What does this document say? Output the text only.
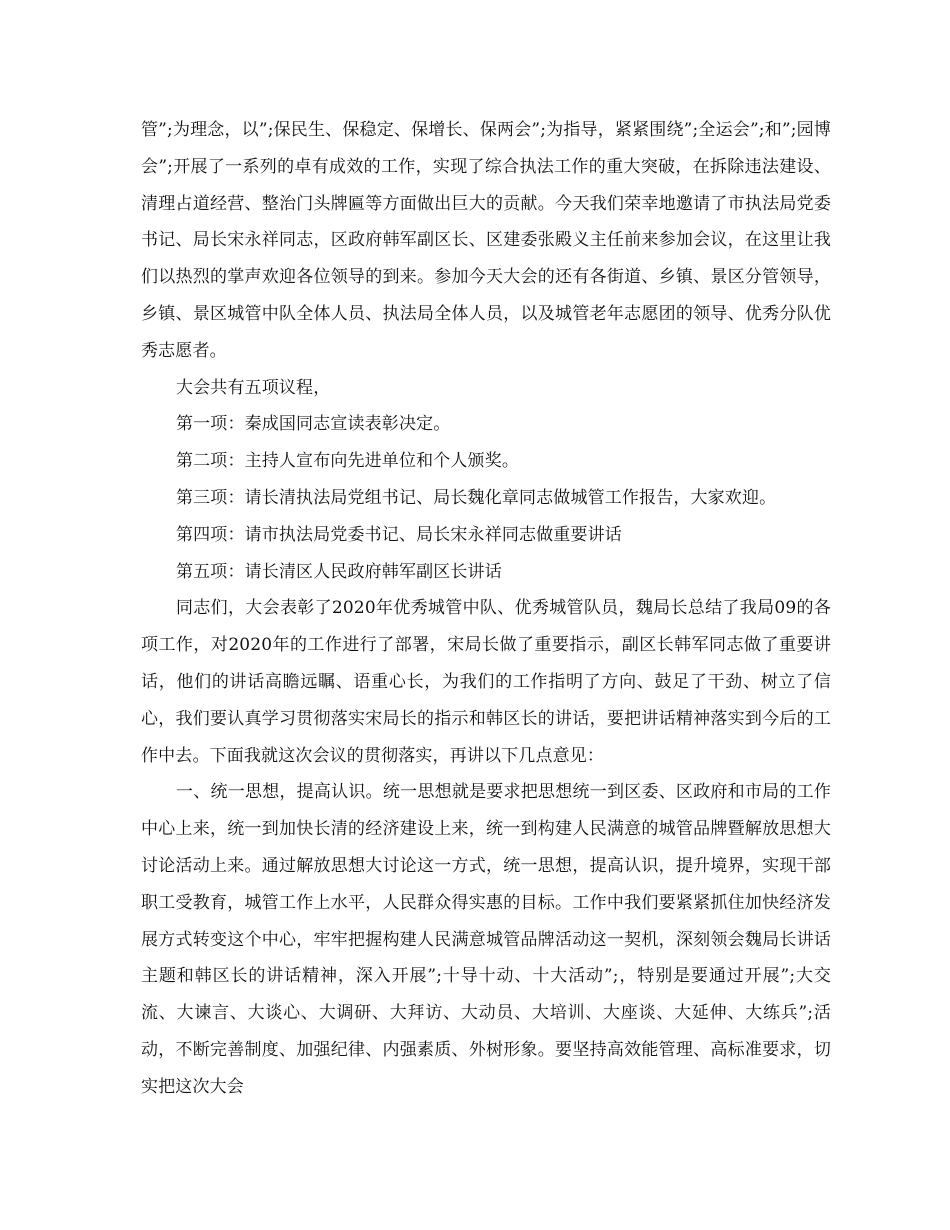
管”;为理念，以”;保民生、保稳定、保增长、保两会”;为指导，紧紧围绕”;全运会”;和”;园博会”;开展了一系列的卓有成效的工作，实现了综合执法工作的重大突破，在拆除违法建设、清理占道经营、整治门头牌匾等方面做出巨大的贡献。今天我们荣幸地邀请了市执法局党委书记、局长宋永祥同志，区政府韩军副区长、区建委张殿义主任前来参加会议，在这里让我们以热烈的掌声欢迎各位领导的到来。参加今天大会的还有各街道、乡镇、景区分管领导，乡镇、景区城管中队全体人员、执法局全体人员，以及城管老年志愿团的领导、优秀分队优秀志愿者。

大会共有五项议程，

第一项：秦成国同志宣读表彰决定。

第二项：主持人宣布向先进单位和个人颁奖。

第三项：请长清执法局党组书记、局长魏化章同志做城管工作报告，大家欢迎。

第四项：请市执法局党委书记、局长宋永祥同志做重要讲话

第五项：请长清区人民政府韩军副区长讲话

同志们，大会表彰了2020年优秀城管中队、优秀城管队员，魏局长总结了我局09的各项工作，对2020年的工作进行了部署，宋局长做了重要指示，副区长韩军同志做了重要讲话，他们的讲话高瞻远瞩、语重心长，为我们的工作指明了方向、鼓足了干劲、树立了信心，我们要认真学习贯彻落实宋局长的指示和韩区长的讲话，要把讲话精神落实到今后的工作中去。下面我就这次会议的贯彻落实，再讲以下几点意见：

一、统一思想，提高认识。统一思想就是要求把思想统一到区委、区政府和市局的工作中心上来，统一到加快长清的经济建设上来，统一到构建人民满意的城管品牌暨解放思想大讨论活动上来。通过解放思想大讨论这一方式，统一思想，提高认识，提升境界，实现干部职工受教育，城管工作上水平，人民群众得实惠的目标。工作中我们要紧紧抓住加快经济发展方式转变这个中心，牢牢把握构建人民满意城管品牌活动这一契机，深刻领会魏局长讲话主题和韩区长的讲话精神，深入开展”;十导十动、十大活动”;，特别是要通过开展”;大交流、大谏言、大谈心、大调研、大拜访、大动员、大培训、大座谈、大延伸、大练兵”;活动，不断完善制度、加强纪律、内强素质、外树形象。要坚持高效能管理、高标准要求，切实把这次大会
